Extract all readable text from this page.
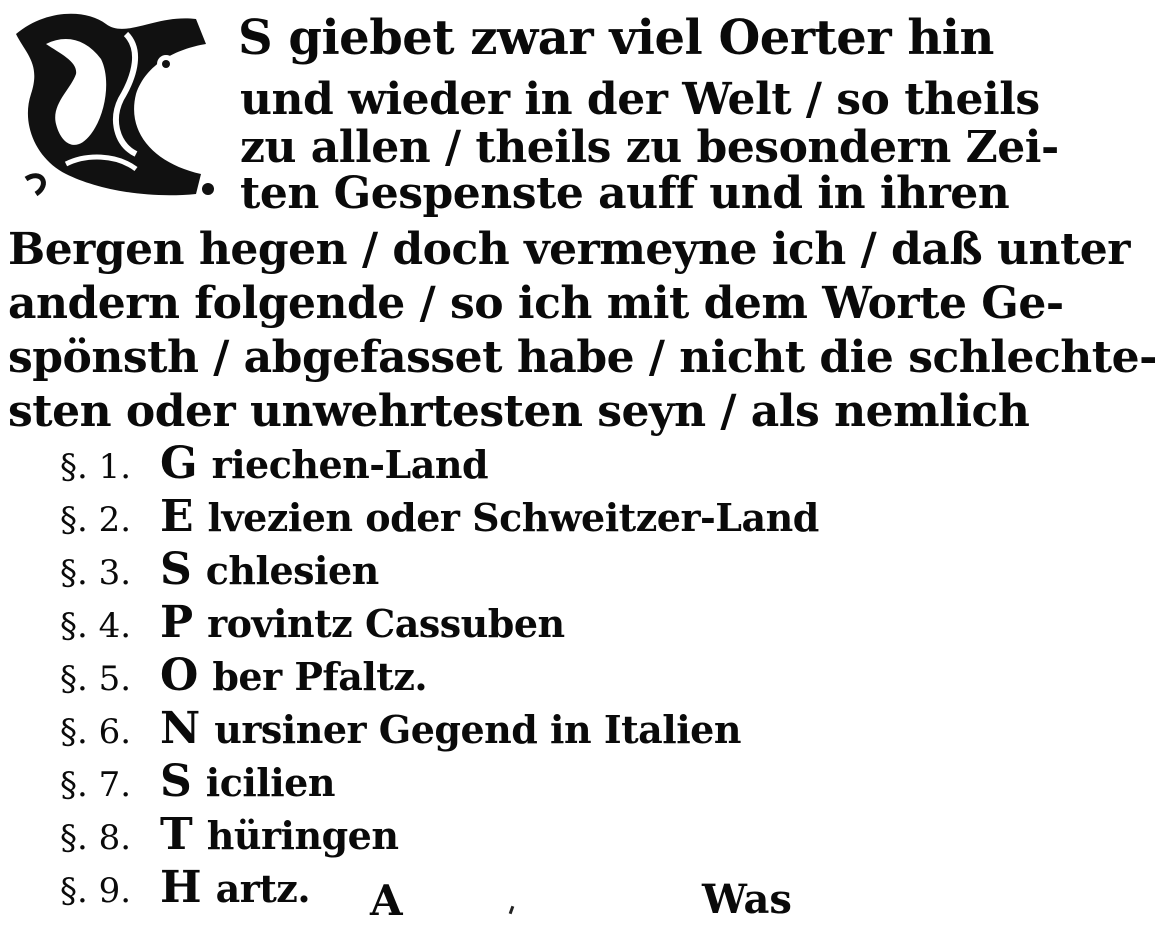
S giebet zwar viel Oerter hin
und wieder in der Welt / so theils
zu allen / theils zu besondern Zei-
ten Gespenste auff und in ihren
Bergen hegen / doch vermeyne ich / daß unter
andern folgende / so ich mit dem Worte Ge-
spönsth / abgefasset habe / nicht die schlechte-
sten oder unwehrtesten seyn / als nemlich
§. 1. G riechen-Land
§. 2. E lvezien oder Schweitzer-Land
§. 3. S chlesien
§. 4. P rovintz Cassuben
§. 5. O ber Pfaltz.
§. 6. N ursiner Gegend in Italien
§. 7. S icilien
§. 8. T hüringen
§. 9. H artz. A	Was
